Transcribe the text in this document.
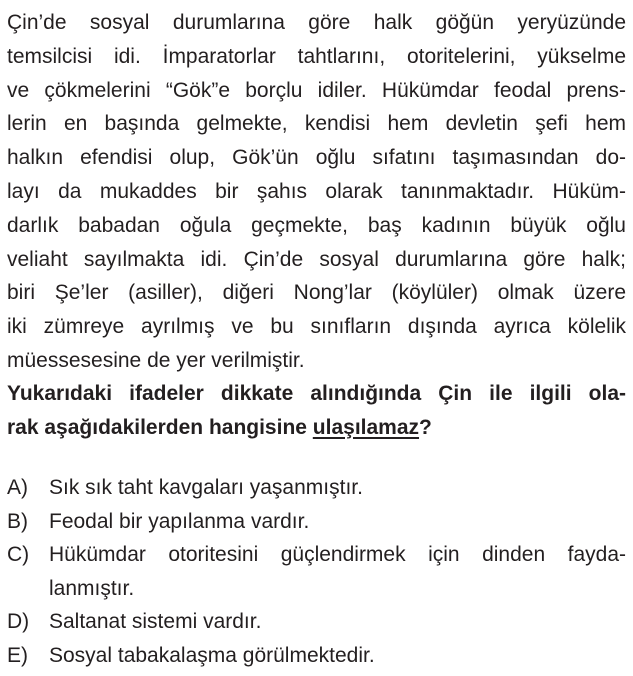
Çin’de sosyal durumlarına göre halk göğün yeryüzünde
temsilcisi idi. İmparatorlar tahtlarını, otoritelerini, yükselme
ve çökmelerini “Gök”e borçlu idiler. Hükümdar feodal prens-
lerin en başında gelmekte, kendisi hem devletin şefi hem
halkın efendisi olup, Gök’ün oğlu sıfatını taşımasından do-
layı da mukaddes bir şahıs olarak tanınmaktadır. Hüküm-
darlık babadan oğula geçmekte, baş kadının büyük oğlu
veliaht sayılmakta idi. Çin’de sosyal durumlarına göre halk;
biri Şe’ler (asiller), diğeri Nong’lar (köylüler) olmak üzere
iki zümreye ayrılmış ve bu sınıfların dışında ayrıca kölelik
müessesesine de yer verilmiştir.
Yukarıdaki ifadeler dikkate alındığında Çin ile ilgili ola-
rak aşağıdakilerden hangisine ulaşılamaz?
A) Sık sık taht kavgaları yaşanmıştır.
B) Feodal bir yapılanma vardır.
C) Hükümdar otoritesini güçlendirmek için dinden fayda-
lanmıştır.
D) Saltanat sistemi vardır.
E) Sosyal tabakalaşma görülmektedir.
